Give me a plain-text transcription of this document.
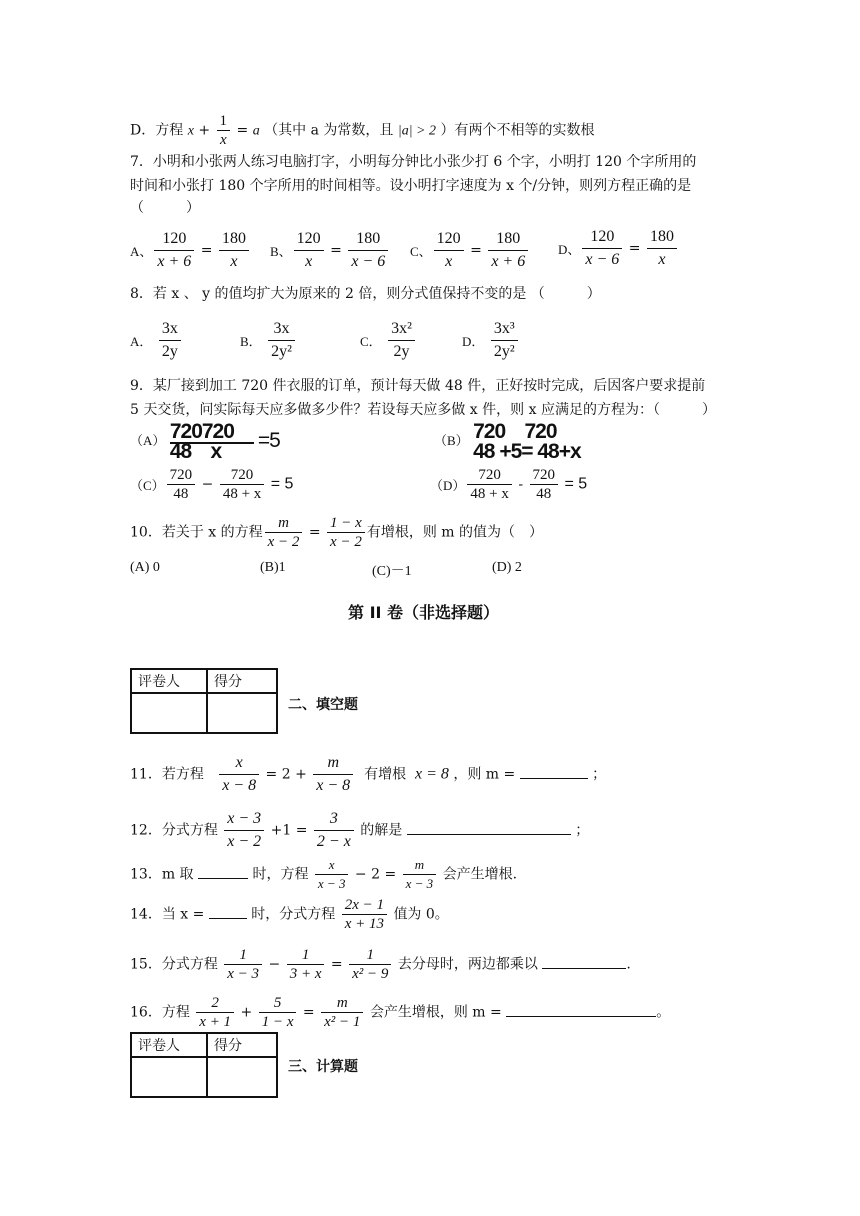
D．方程 $x + \frac{1}{x} = a$ （其中 a 为常数，且 |a| > 2 ）有两个不相等的实数根
7．小明和小张两人练习电脑打字，小明每分钟比小张少打 6 个字，小明打 120 个字所用的
时间和小张打 180 个字所用的时间相等。设小明打字速度为 x 个/分钟，则列方程正确的是
（　　　）
A、 $\frac{120}{x + 6} = \frac{180}{x}$ B、 $\frac{120}{x} = \frac{180}{x - 6}$ C、 $\frac{120}{x} = \frac{180}{x + 6}$ D、 $\frac{120}{x - 6} = \frac{180}{x}$
8．若 x 、 y 的值均扩大为原来的 2 倍，则分式值保持不变的是 （　　　）
A． $\frac{3x}{2y}$	B． $\frac{3x}{\text{2y²}}$	C． $\frac{\text{3x²}}{2y}$	D． $\frac{\text{3x³}}{\text{2y²}}$
9．某厂接到加工 720 件衣服的订单，预计每天做 48 件，正好按时完成，后因客户要求提前
5 天交货，问实际每天应多做多少件？若设每天应多做 x 件，则 x 应满足的方程为：（　　　）
（A） 720720
48    x	=5	（B） 720    720
48 +5= 48+x
$(C) \frac{720}{48} - \frac{720}{48 + x} = 5$	$(D) \frac{720}{48 + x} - \frac{720}{48} = 5$
10．若关于 x 的方程 $\frac{m}{x - 2} = \frac{1 - x}{x - 2}$ 有增根，则 m 的值为（　）
(A) 0	(B)1	(C)－1	(D) 2
第 II 卷（非选择题）
评卷人	得分

二、填空题
11．若方程 $\frac{x}{x - 8} = 2 + \frac{m}{x - 8}$ 有增根 x = 8 ，则 m =	；
12．分式方程 $\frac{x - 3}{x - 2} +1 = \frac{3}{2 - x}$ 的解是	；
13．m 取	时，方程 $\frac{x}{x - 3} - 2 = \frac{m}{x - 3}$ 会产生增根.
14．当 x =	时，分式方程 $\frac{2x - 1}{x + 13}$ 值为 0。
15．分式方程 $\frac{1}{x - 3} - \frac{1}{3 + x} = \frac{1}{\text{x² − 9}}$ 去分母时，两边都乘以	.
16．方程 $\frac{2}{x + 1} + \frac{5}{1 - x} = \frac{m}{\text{x² − 1}}$ 会产生增根，则 m =	。
评卷人	得分

三、计算题
